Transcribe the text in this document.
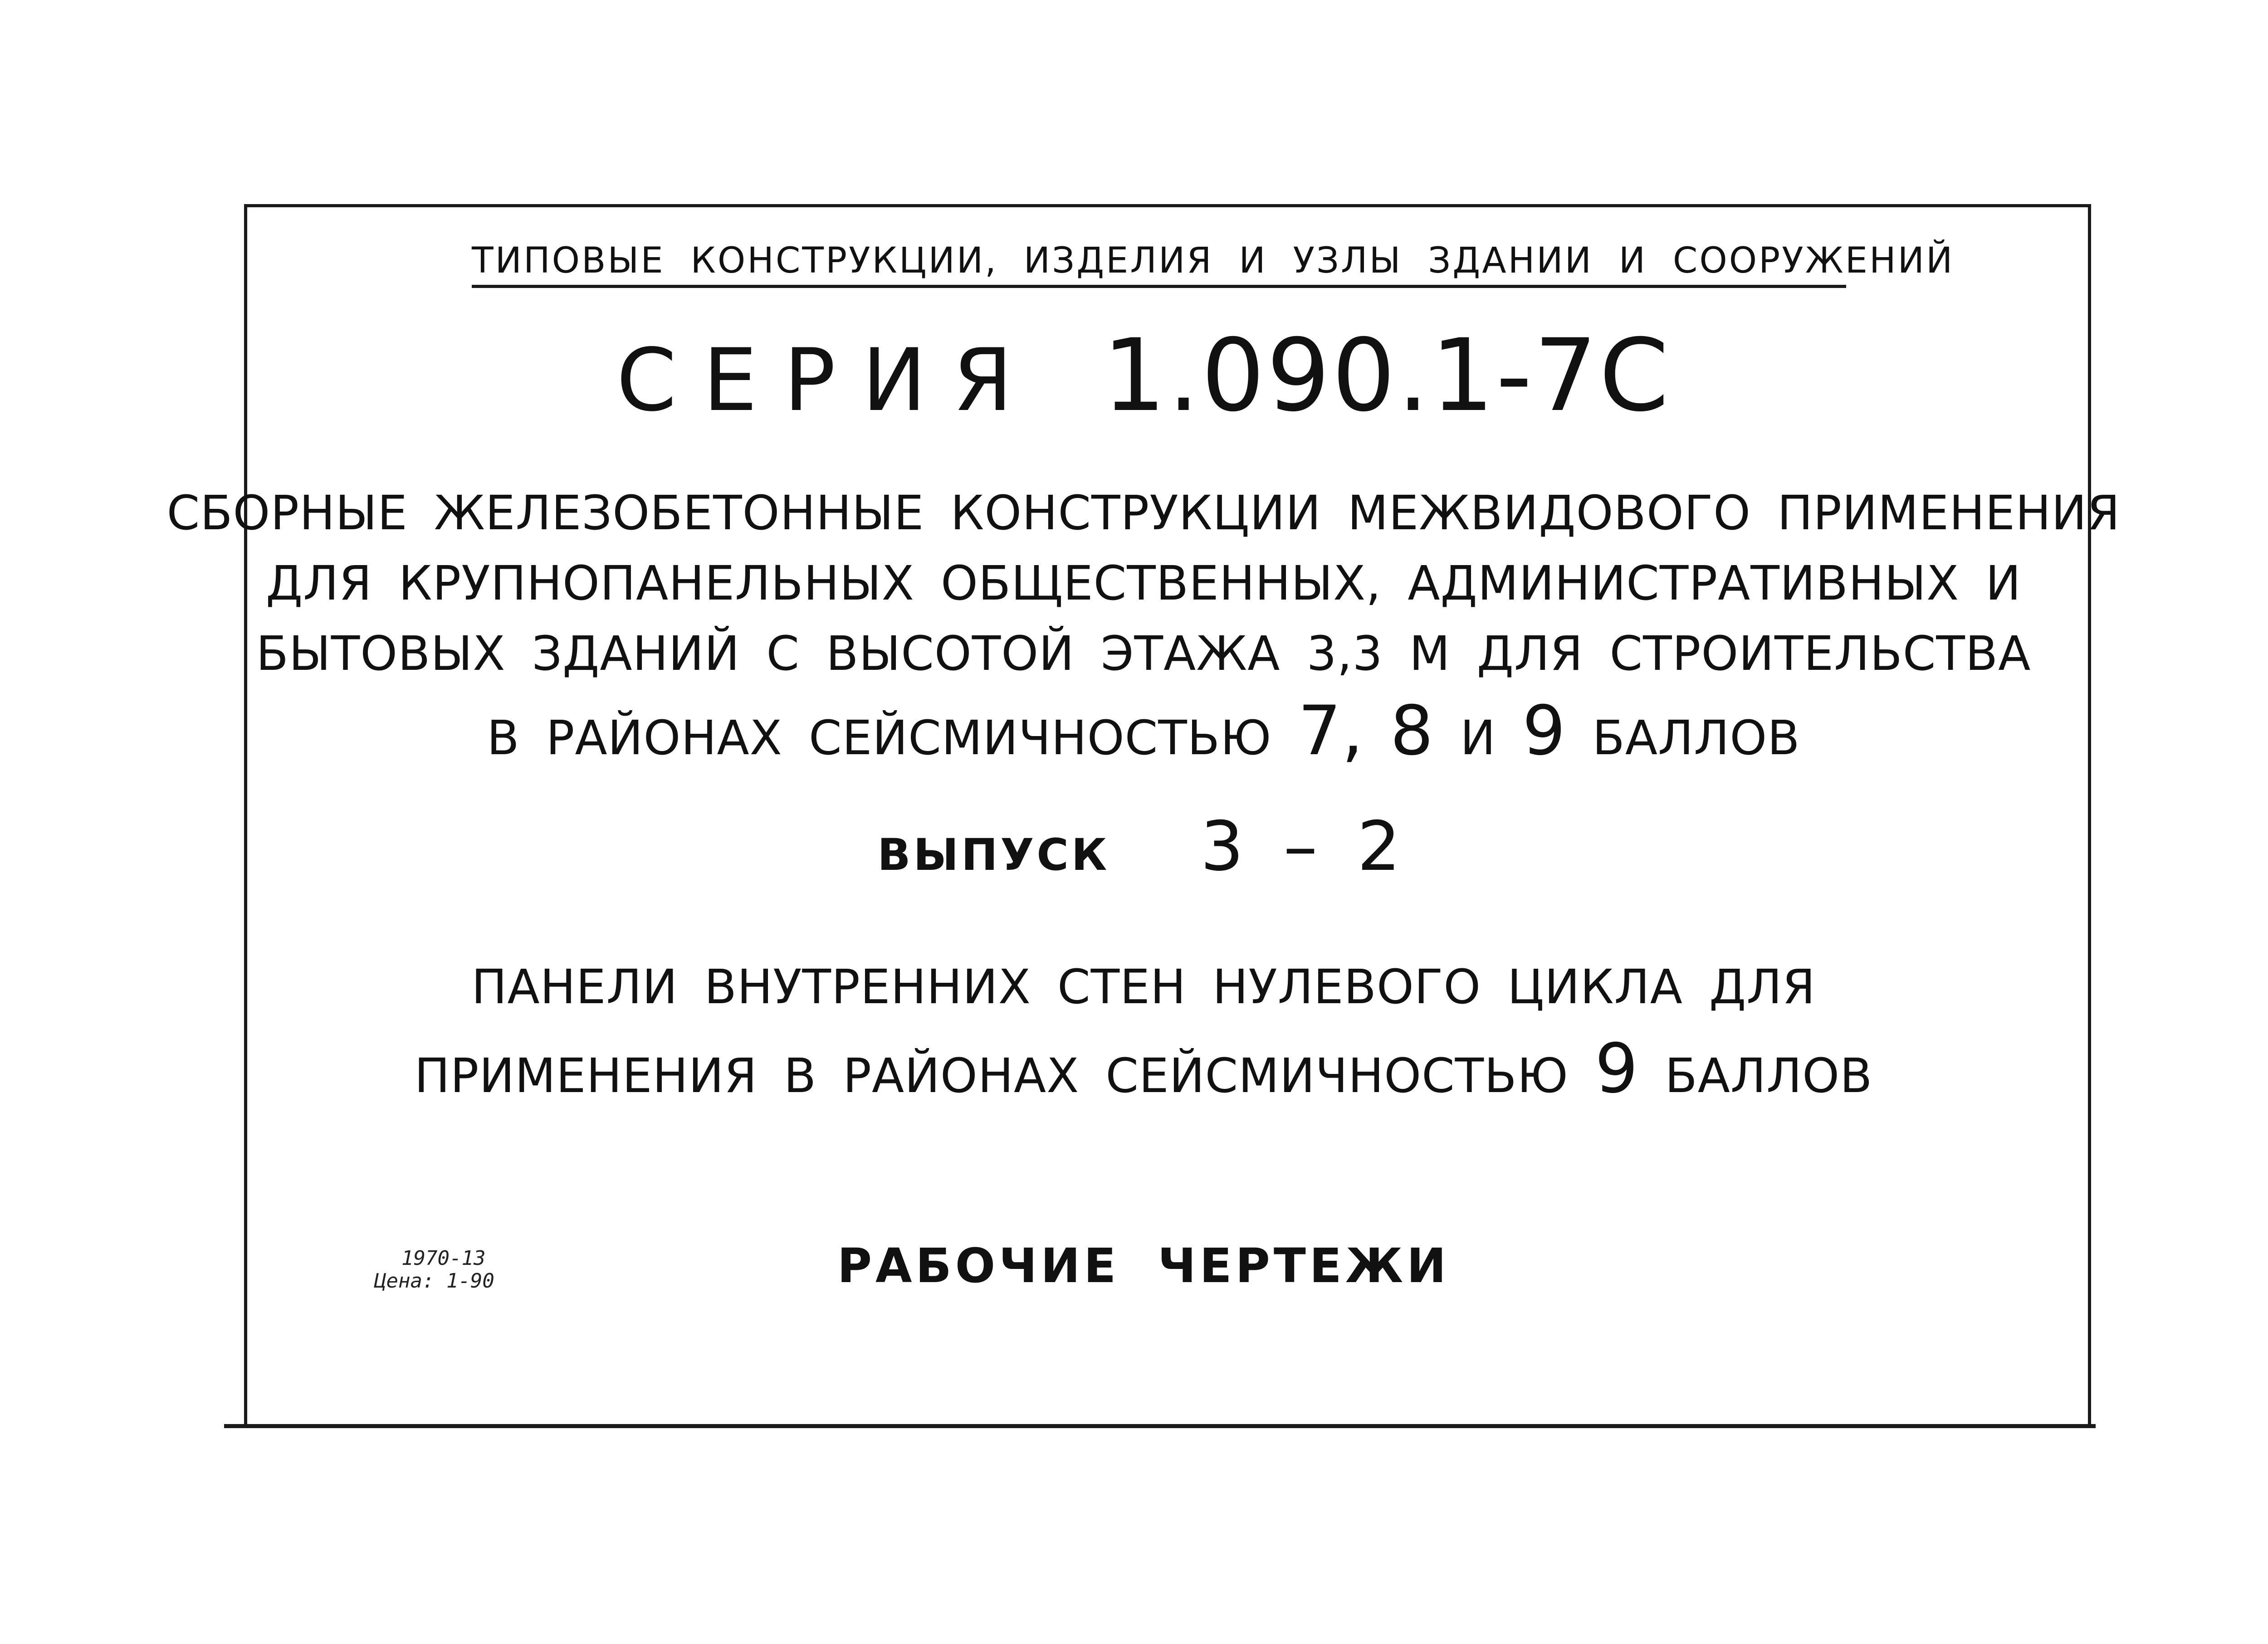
ТИПОВЫЕ КОНСТРУКЦИИ, ИЗДЕЛИЯ И УЗЛЫ ЗДАНИИ И СООРУЖЕНИЙ
СЕРИЯ 1.090.1-7С
СБОРНЫЕ ЖЕЛЕЗОБЕТОННЫЕ КОНСТРУКЦИИ МЕЖВИДОВОГО ПРИМЕНЕНИЯ
ДЛЯ КРУПНОПАНЕЛЬНЫХ ОБЩЕСТВЕННЫХ, АДМИНИСТРАТИВНЫХ И
БЫТОВЫХ ЗДАНИЙ С ВЫСОТОЙ ЭТАЖА 3,3 М ДЛЯ СТРОИТЕЛЬСТВА
В РАЙОНАХ СЕЙСМИЧНОСТЬЮ 7, 8 И 9 БАЛЛОВ
ВЫПУСК 3 – 2
ПАНЕЛИ ВНУТРЕННИХ СТЕН НУЛЕВОГО ЦИКЛА ДЛЯ
ПРИМЕНЕНИЯ В РАЙОНАХ СЕЙСМИЧНОСТЬЮ 9 БАЛЛОВ
1970-13
Цена: 1-90	РАБОЧИЕ ЧЕРТЕЖИ
